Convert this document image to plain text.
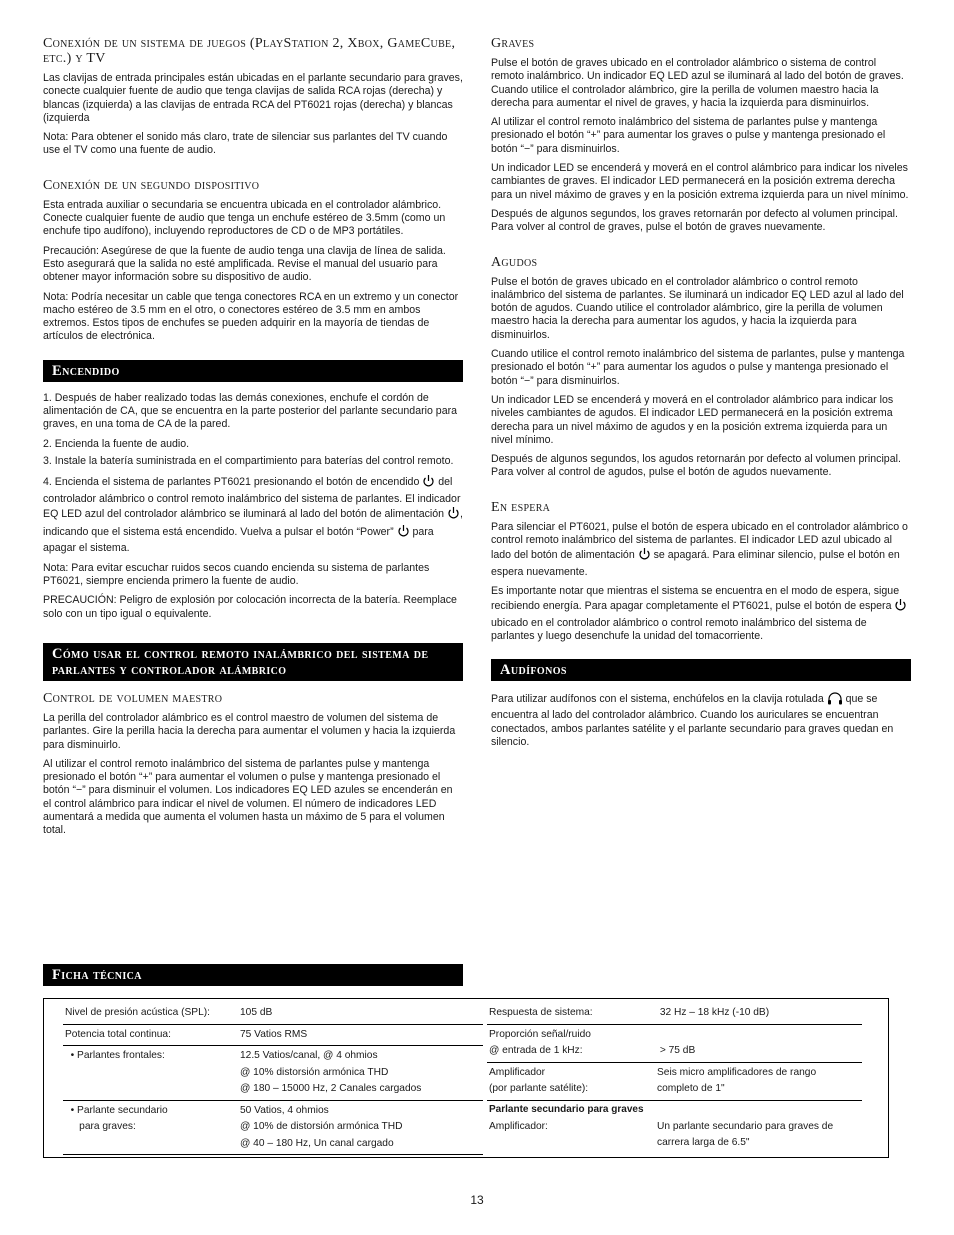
Conexión de un sistema de juegos (PlayStation 2, Xbox, GameCube, etc.) y TV

Las clavijas de entrada principales están ubicadas en el parlante secundario para graves, conecte cualquier fuente de audio que tenga clavijas de salida RCA rojas (derecha) y blancas (izquierda) a las clavijas de entrada RCA del PT6021 rojas (derecha) y blancas (izquierda

Nota: Para obtener el sonido más claro, trate de silenciar sus parlantes del TV cuando use el TV como una fuente de audio.

Conexión de un segundo dispositivo

Esta entrada auxiliar o secundaria se encuentra ubicada en el controlador alámbrico. Conecte cualquier fuente de audio que tenga un enchufe estéreo de 3.5mm (como un enchufe tipo audífono), incluyendo reproductores de CD o de MP3 portátiles.

Precaución: Asegúrese de que la fuente de audio tenga una clavija de línea de salida. Esto asegurará que la salida no esté amplificada. Revise el manual del usuario para obtener mayor información sobre su dispositivo de audio.

Nota: Podría necesitar un cable que tenga conectores RCA en un extremo y un conector macho estéreo de 3.5 mm en el otro, o conectores estéreo de 3.5 mm en ambos extremos. Estos tipos de enchufes se pueden adquirir en la mayoría de tiendas de artículos de electrónica.

Encendido

1. Después de haber realizado todas las demás conexiones, enchufe el cordón de alimentación de CA, que se encuentra en la parte posterior del parlante secundario para graves, en una toma de CA de la pared.

2. Encienda la fuente de audio.

3. Instale la batería suministrada en el compartimiento para baterías del control remoto.

4. Encienda el sistema de parlantes PT6021 presionando el botón de encendido del controlador alámbrico o control remoto inalámbrico del sistema de parlantes. El indicador EQ LED azul del controlador alámbrico se iluminará al lado del botón de alimentación , indicando que el sistema está encendido. Vuelva a pulsar el botón “Power” para apagar el sistema.

Nota: Para evitar escuchar ruidos secos cuando encienda su sistema de parlantes PT6021, siempre encienda primero la fuente de audio.

PRECAUCIÓN: Peligro de explosión por colocación incorrecta de la batería. Reemplace solo con un tipo igual o equivalente.

Cómo usar el control remoto inalámbrico del sistema de parlantes y controlador alámbrico
Control de volumen maestro

La perilla del controlador alámbrico es el control maestro de volumen del sistema de parlantes. Gire la perilla hacia la derecha para aumentar el volumen y hacia la izquierda para disminuirlo.

Al utilizar el control remoto inalámbrico del sistema de parlantes pulse y mantenga presionado el botón “+” para aumentar el volumen o pulse y mantenga presionado el botón “−” para disminuir el volumen. Los indicadores EQ LED azules se encenderán en el control alámbrico para indicar el nivel de volumen. El número de indicadores LED aumentará a medida que aumenta el volumen hasta un máximo de 5 para el volumen total.

Graves

Pulse el botón de graves ubicado en el controlador alámbrico o sistema de control remoto inalámbrico. Un indicador EQ LED azul se iluminará al lado del botón de graves. Cuando utilice el controlador alámbrico, gire la perilla de volumen maestro hacia la derecha para aumentar el nivel de graves, y hacia la izquierda para disminuirlos.

Al utilizar el control remoto inalámbrico del sistema de parlantes pulse y mantenga presionado el botón “+” para aumentar los graves o pulse y mantenga presionado el botón “−” para disminuirlos.

Un indicador LED se encenderá y moverá en el control alámbrico para indicar los niveles cambiantes de graves. El indicador LED permanecerá en la posición extrema derecha para un nivel máximo de graves y en la posición extrema izquierda para un nivel mínimo.

Después de algunos segundos, los graves retornarán por defecto al volumen principal. Para volver al control de graves, pulse el botón de graves nuevamente.

Agudos

Pulse el botón de graves ubicado en el controlador alámbrico o control remoto inalámbrico del sistema de parlantes. Se iluminará un indicador EQ LED azul al lado del botón de agudos. Cuando utilice el controlador alámbrico, gire la perilla de volumen maestro hacia la derecha para aumentar los agudos, y hacia la izquierda para disminuirlos.

Cuando utilice el control remoto inalámbrico del sistema de parlantes, pulse y mantenga presionado el botón “+” para aumentar los agudos o pulse y mantenga presionado el botón “−” para disminuirlos.

Un indicador LED se encenderá y moverá en el controlador alámbrico para indicar los niveles cambiantes de agudos. El indicador LED permanecerá en la posición extrema derecha para un nivel máximo de agudos y en la posición extrema izquierda para un nivel mínimo.

Después de algunos segundos, los agudos retornarán por defecto al volumen principal. Para volver al control de agudos, pulse el botón de agudos nuevamente.

En espera

Para silenciar el PT6021, pulse el botón de espera ubicado en el controlador alámbrico o control remoto inalámbrico del sistema de parlantes. El indicador LED azul ubicado al lado del botón de alimentación se apagará. Para eliminar silencio, pulse el botón en espera nuevamente.

Es importante notar que mientras el sistema se encuentra en el modo de espera, sigue recibiendo energía. Para apagar completamente el PT6021, pulse el botón de espera  ubicado en el controlador alámbrico o control remoto inalámbrico del sistema de parlantes y luego desenchufe la unidad del tomacorriente.

Audífonos

Para utilizar audífonos con el sistema, enchúfelos en la clavija rotulada que se encuentra al lado del controlador alámbrico. Cuando los auriculares se encuentran conectados, ambos parlantes satélite y el parlante secundario para graves quedan en silencio.

Ficha técnica
Nivel de presión acústica (SPL):	105 dB
Potencia total continua:	75 Vatios RMS
• Parlantes frontales:	12.5 Vatios/canal, @ 4 ohmios
@ 10% distorsión armónica THD
@ 180 – 15000 Hz, 2 Canales cargados
• Parlante secundario
para graves:
50 Vatios, 4 ohmios
@ 10% de distorsión armónica THD
@ 40 – 180 Hz, Un canal cargado
Respuesta de sistema:	32 Hz – 18 kHz (-10 dB)
Proporción señal/ruido
@ entrada de 1 kHz:
	> 75 dB
Amplificador
(por parlante satélite):
Seis micro amplificadores de rango
completo de 1"
Parlante secundario para graves
Amplificador:	Un parlante secundario para graves de
carrera larga de 6.5"
13
